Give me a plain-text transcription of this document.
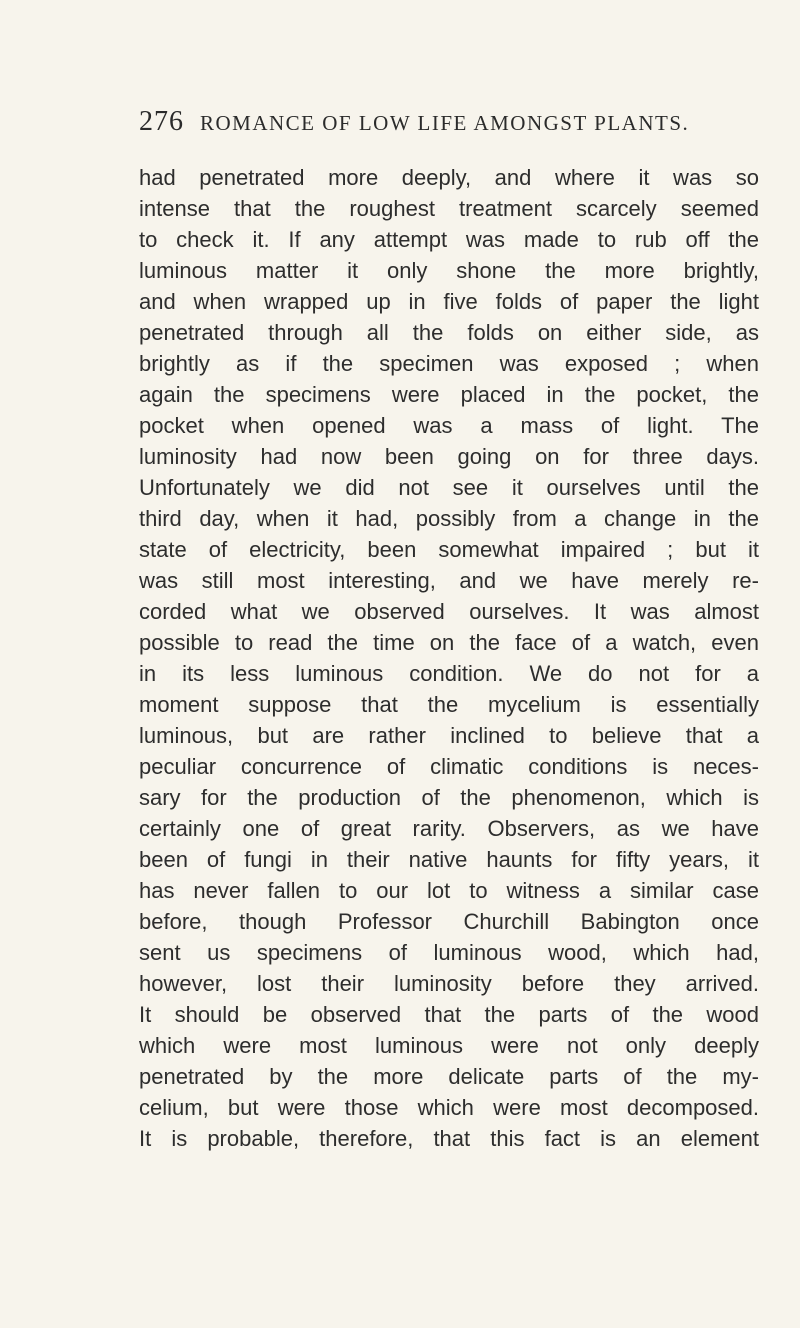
276 ROMANCE OF LOW LIFE AMONGST PLANTS.
had penetrated more deeply, and where it was so
intense that the roughest treatment scarcely seemed
to check it. If any attempt was made to rub off the
luminous matter it only shone the more brightly,
and when wrapped up in five folds of paper the light
penetrated through all the folds on either side, as
brightly as if the specimen was exposed ; when
again the specimens were placed in the pocket, the
pocket when opened was a mass of light. The
luminosity had now been going on for three days.
Unfortunately we did not see it ourselves until the
third day, when it had, possibly from a change in the
state of electricity, been somewhat impaired ; but it
was still most interesting, and we have merely re-
corded what we observed ourselves. It was almost
possible to read the time on the face of a watch, even
in its less luminous condition. We do not for a
moment suppose that the mycelium is essentially
luminous, but are rather inclined to believe that a
peculiar concurrence of climatic conditions is neces-
sary for the production of the phenomenon, which is
certainly one of great rarity. Observers, as we have
been of fungi in their native haunts for fifty years, it
has never fallen to our lot to witness a similar case
before, though Professor Churchill Babington once
sent us specimens of luminous wood, which had,
however, lost their luminosity before they arrived.
It should be observed that the parts of the wood
which were most luminous were not only deeply
penetrated by the more delicate parts of the my-
celium, but were those which were most decomposed.
It is probable, therefore, that this fact is an element
